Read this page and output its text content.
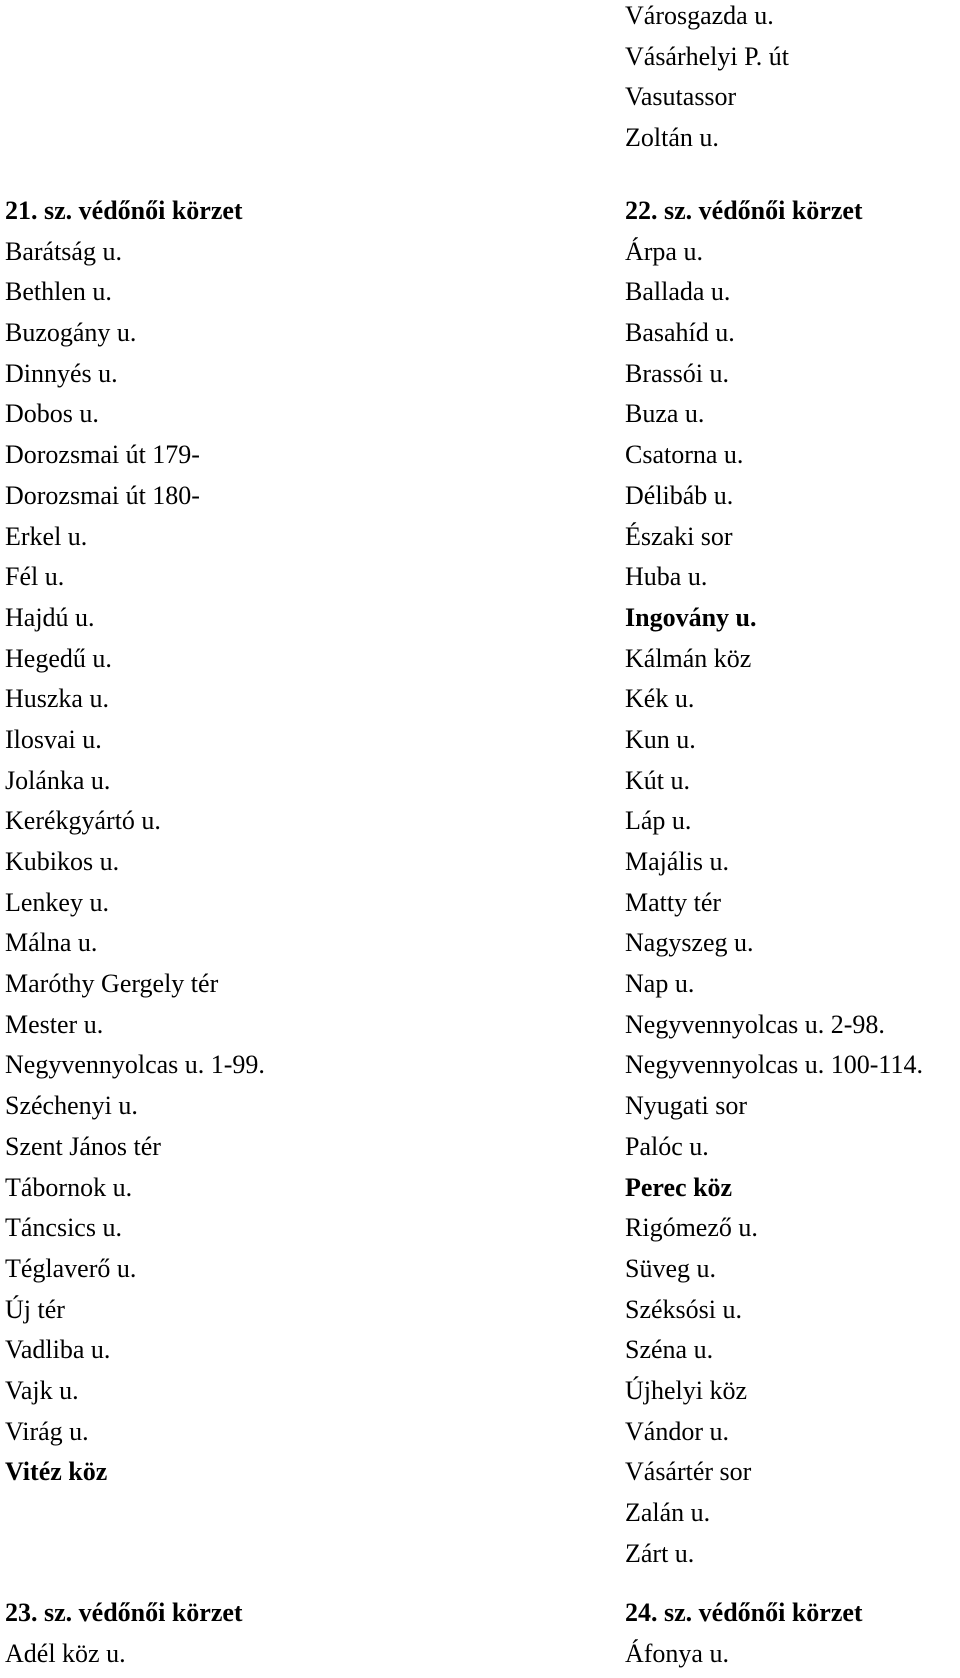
21. sz. védőnői körzet
Barátság u.
Bethlen u.
Buzogány u.
Dinnyés u.
Dobos u.
Dorozsmai út 179-
Dorozsmai út 180-
Erkel u.
Fél u.
Hajdú u.
Hegedű u.
Huszka u.
Ilosvai u.
Jolánka u.
Kerékgyártó u.
Kubikos u.
Lenkey u.
Málna u.
Maróthy Gergely tér
Mester u.
Negyvennyolcas u. 1-99.
Széchenyi u.
Szent János tér
Tábornok u.
Táncsics u.
Téglaverő u.
Új tér
Vadliba u.
Vajk u.
Virág u.
Vitéz köz
23. sz. védőnői körzet
Adél köz u.
Városgazda u.
Vásárhelyi P. út
Vasutassor
Zoltán u.
22. sz. védőnői körzet
Árpa u.
Ballada u.
Basahíd u.
Brassói u.
Buza u.
Csatorna u.
Délibáb u.
Északi sor
Huba u.
Ingovány u.
Kálmán köz
Kék u.
Kun u.
Kút u.
Láp u.
Majális u.
Matty tér
Nagyszeg u.
Nap u.
Negyvennyolcas u. 2-98.
Negyvennyolcas u. 100-114.
Nyugati sor
Palóc u.
Perec köz
Rigómező u.
Süveg u.
Széksósi u.
Széna u.
Újhelyi köz
Vándor u.
Vásártér sor
Zalán u.
Zárt u.
24. sz. védőnői körzet
Áfonya u.
